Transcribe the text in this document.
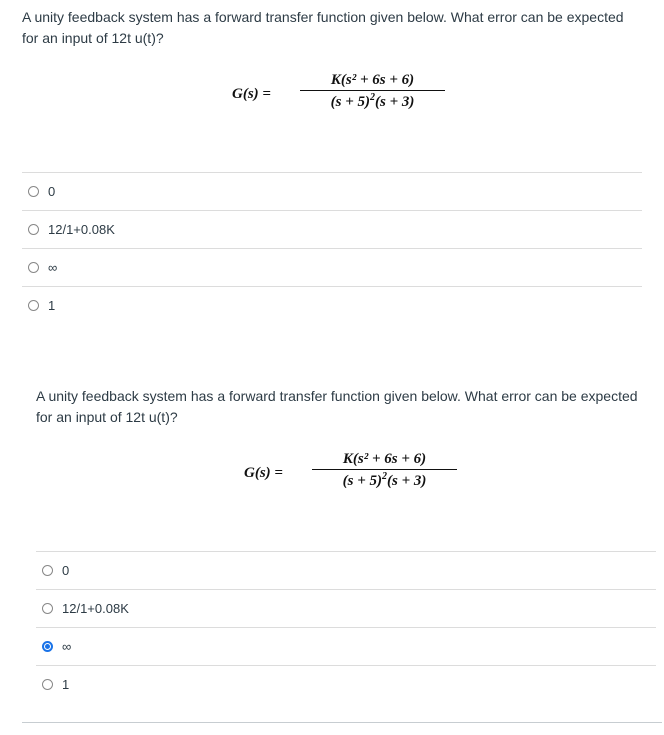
A unity feedback system has a forward transfer function given below. What error can be expected for an input of 12t u(t)?
G(s) =
K(s² + 6s + 6)
$(s + 5)^2(s + 3)$
0
12/1+0.08K
∞
1
A unity feedback system has a forward transfer function given below. What error can be expected for an input of 12t u(t)?
G(s) =
K(s² + 6s + 6)
$(s + 5)^2(s + 3)$
0
12/1+0.08K
∞
1
